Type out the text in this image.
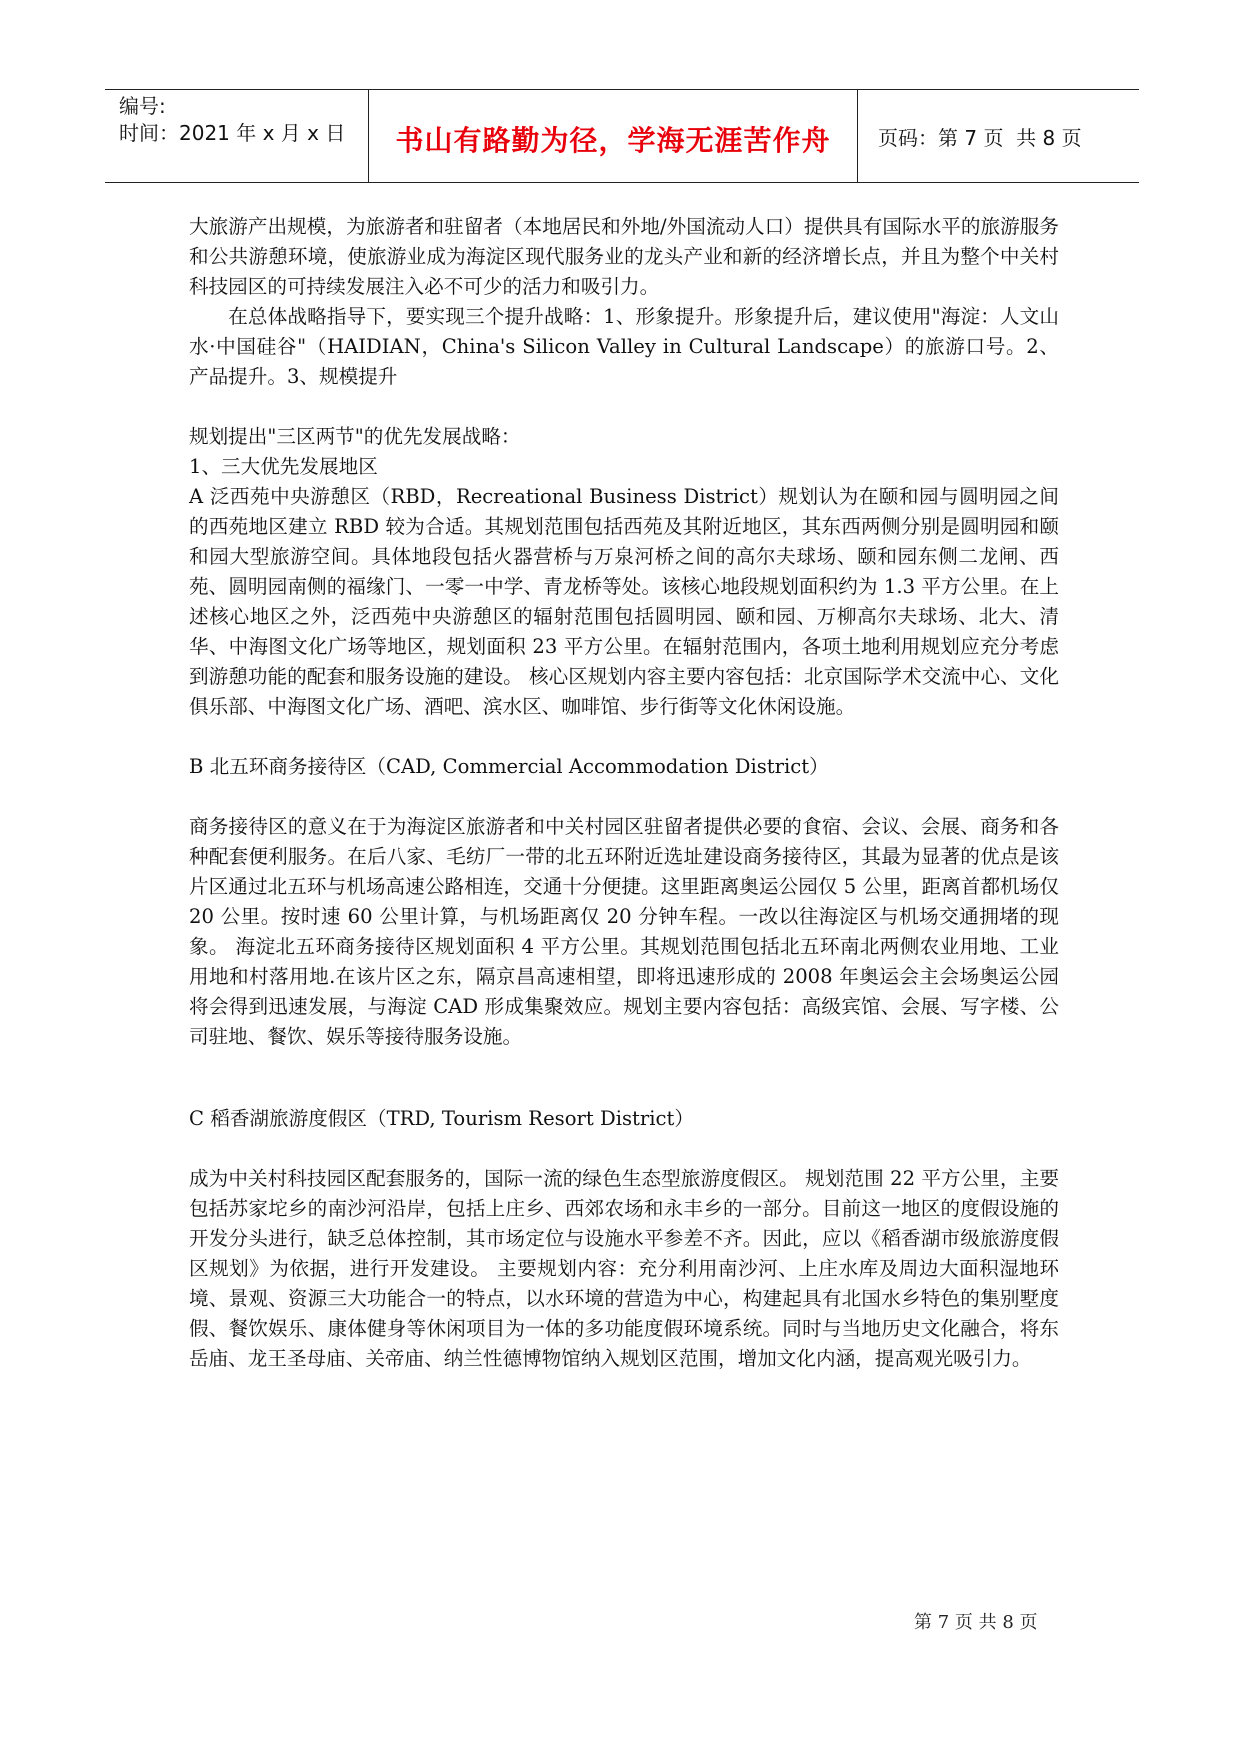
编号:
时间：2021 年 x 月 x 日	书山有路勤为径，学海无涯苦作舟 页码：第 7 页  共 8 页

大旅游产出规模，为旅游者和驻留者（本地居民和外地/外国流动人口）提供具有国际水平的旅游服务和公共游憩环境，使旅游业成为海淀区现代服务业的龙头产业和新的经济增长点，并且为整个中关村科技园区的可持续发展注入必不可少的活力和吸引力。

在总体战略指导下，要实现三个提升战略：1、形象提升。形象提升后，建议使用"海淀：人文山水·中国硅谷"（HAIDIAN，China's Silicon Valley in Cultural Landscape）的旅游口号。2、产品提升。3、规模提升

规划提出"三区两节"的优先发展战略：

1、三大优先发展地区

A 泛西苑中央游憩区（RBD，Recreational Business District）规划认为在颐和园与圆明园之间的西苑地区建立 RBD 较为合适。其规划范围包括西苑及其附近地区，其东西两侧分别是圆明园和颐和园大型旅游空间。具体地段包括火器营桥与万泉河桥之间的高尔夫球场、颐和园东侧二龙闸、西苑、圆明园南侧的福缘门、一零一中学、青龙桥等处。该核心地段规划面积约为 1.3 平方公里。在上述核心地区之外，泛西苑中央游憩区的辐射范围包括圆明园、颐和园、万柳高尔夫球场、北大、清华、中海图文化广场等地区，规划面积 23 平方公里。在辐射范围内，各项土地利用规划应充分考虑到游憩功能的配套和服务设施的建设。 核心区规划内容主要内容包括：北京国际学术交流中心、文化俱乐部、中海图文化广场、酒吧、滨水区、咖啡馆、步行街等文化休闲设施。

B 北五环商务接待区（CAD, Commercial Accommodation District）

商务接待区的意义在于为海淀区旅游者和中关村园区驻留者提供必要的食宿、会议、会展、商务和各种配套便利服务。在后八家、毛纺厂一带的北五环附近选址建设商务接待区，其最为显著的优点是该片区通过北五环与机场高速公路相连，交通十分便捷。这里距离奥运公园仅 5 公里，距离首都机场仅 20 公里。按时速 60 公里计算，与机场距离仅 20 分钟车程。一改以往海淀区与机场交通拥堵的现象。 海淀北五环商务接待区规划面积 4 平方公里。其规划范围包括北五环南北两侧农业用地、工业用地和村落用地.在该片区之东，隔京昌高速相望，即将迅速形成的 2008 年奥运会主会场奥运公园将会得到迅速发展，与海淀 CAD 形成集聚效应。规划主要内容包括：高级宾馆、会展、写字楼、公司驻地、餐饮、娱乐等接待服务设施。

C 稻香湖旅游度假区（TRD, Tourism Resort District）

成为中关村科技园区配套服务的，国际一流的绿色生态型旅游度假区。 规划范围 22 平方公里，主要包括苏家坨乡的南沙河沿岸，包括上庄乡、西郊农场和永丰乡的一部分。目前这一地区的度假设施的开发分头进行，缺乏总体控制，其市场定位与设施水平参差不齐。因此，应以《稻香湖市级旅游度假区规划》为依据，进行开发建设。 主要规划内容：充分利用南沙河、上庄水库及周边大面积湿地环境、景观、资源三大功能合一的特点，以水环境的营造为中心，构建起具有北国水乡特色的集别墅度假、餐饮娱乐、康体健身等休闲项目为一体的多功能度假环境系统。同时与当地历史文化融合，将东岳庙、龙王圣母庙、关帝庙、纳兰性德博物馆纳入规划区范围，增加文化内涵，提高观光吸引力。

第 7 页 共 8 页
